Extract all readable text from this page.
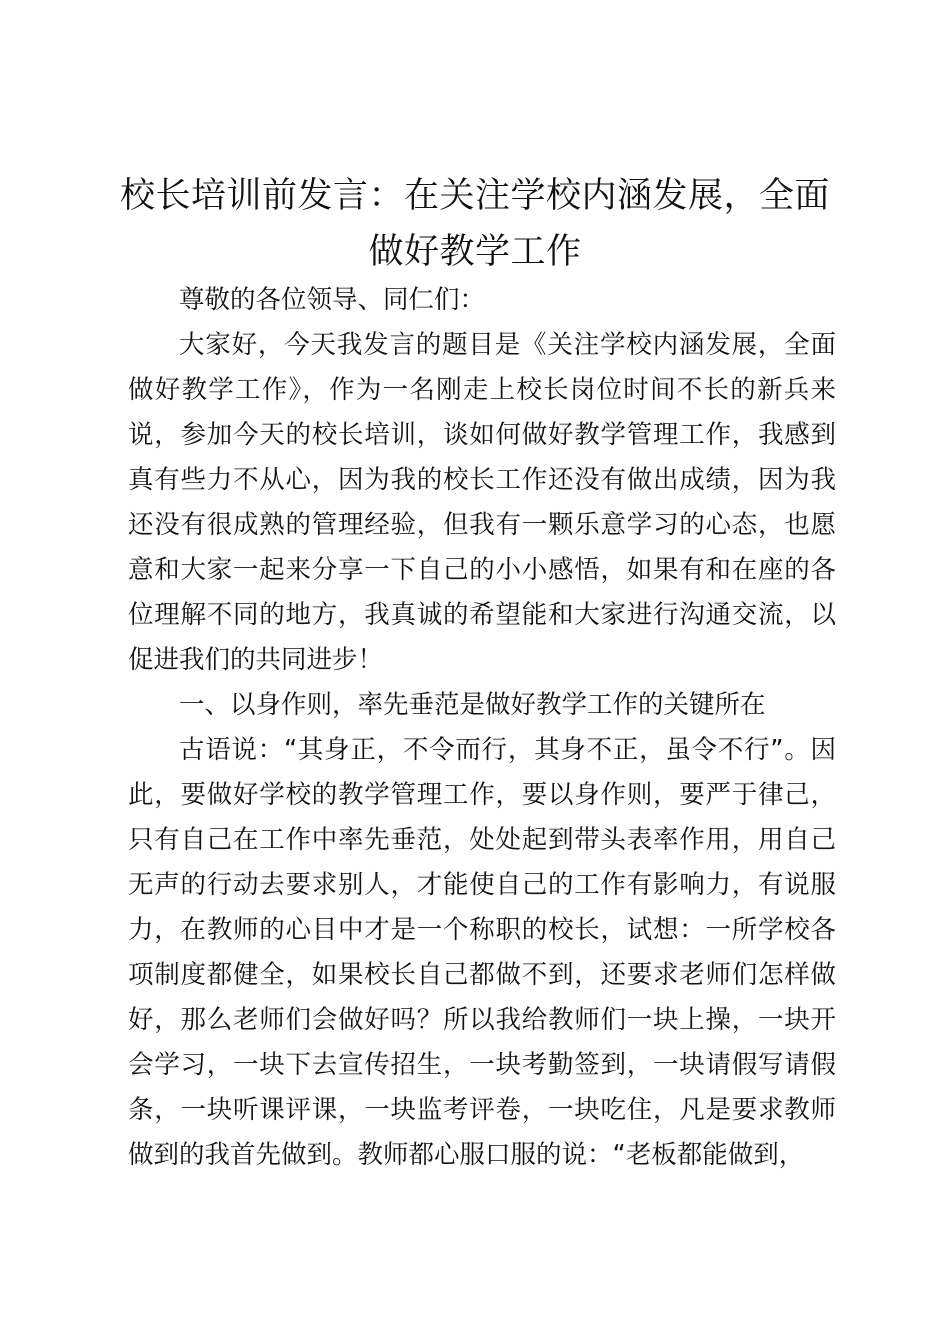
校长培训前发言：在关注学校内涵发展，全面做好教学工作

尊敬的各位领导、同仁们：

大家好，今天我发言的题目是《关注学校内涵发展，全面做好教学工作》，作为一名刚走上校长岗位时间不长的新兵来说，参加今天的校长培训，谈如何做好教学管理工作，我感到真有些力不从心，因为我的校长工作还没有做出成绩，因为我还没有很成熟的管理经验，但我有一颗乐意学习的心态，也愿意和大家一起来分享一下自己的小小感悟，如果有和在座的各位理解不同的地方，我真诚的希望能和大家进行沟通交流，以促进我们的共同进步！

一、以身作则，率先垂范是做好教学工作的关键所在

古语说：“其身正，不令而行，其身不正，虽令不行”。因此，要做好学校的教学管理工作，要以身作则，要严于律己，只有自己在工作中率先垂范，处处起到带头表率作用，用自己无声的行动去要求别人，才能使自己的工作有影响力，有说服力，在教师的心目中才是一个称职的校长，试想：一所学校各项制度都健全，如果校长自己都做不到，还要求老师们怎样做好，那么老师们会做好吗？所以我给教师们一块上操，一块开会学习，一块下去宣传招生，一块考勤签到，一块请假写请假条，一块听课评课，一块监考评卷，一块吃住，凡是要求教师做到的我首先做到。教师都心服口服的说：“老板都能做到，
